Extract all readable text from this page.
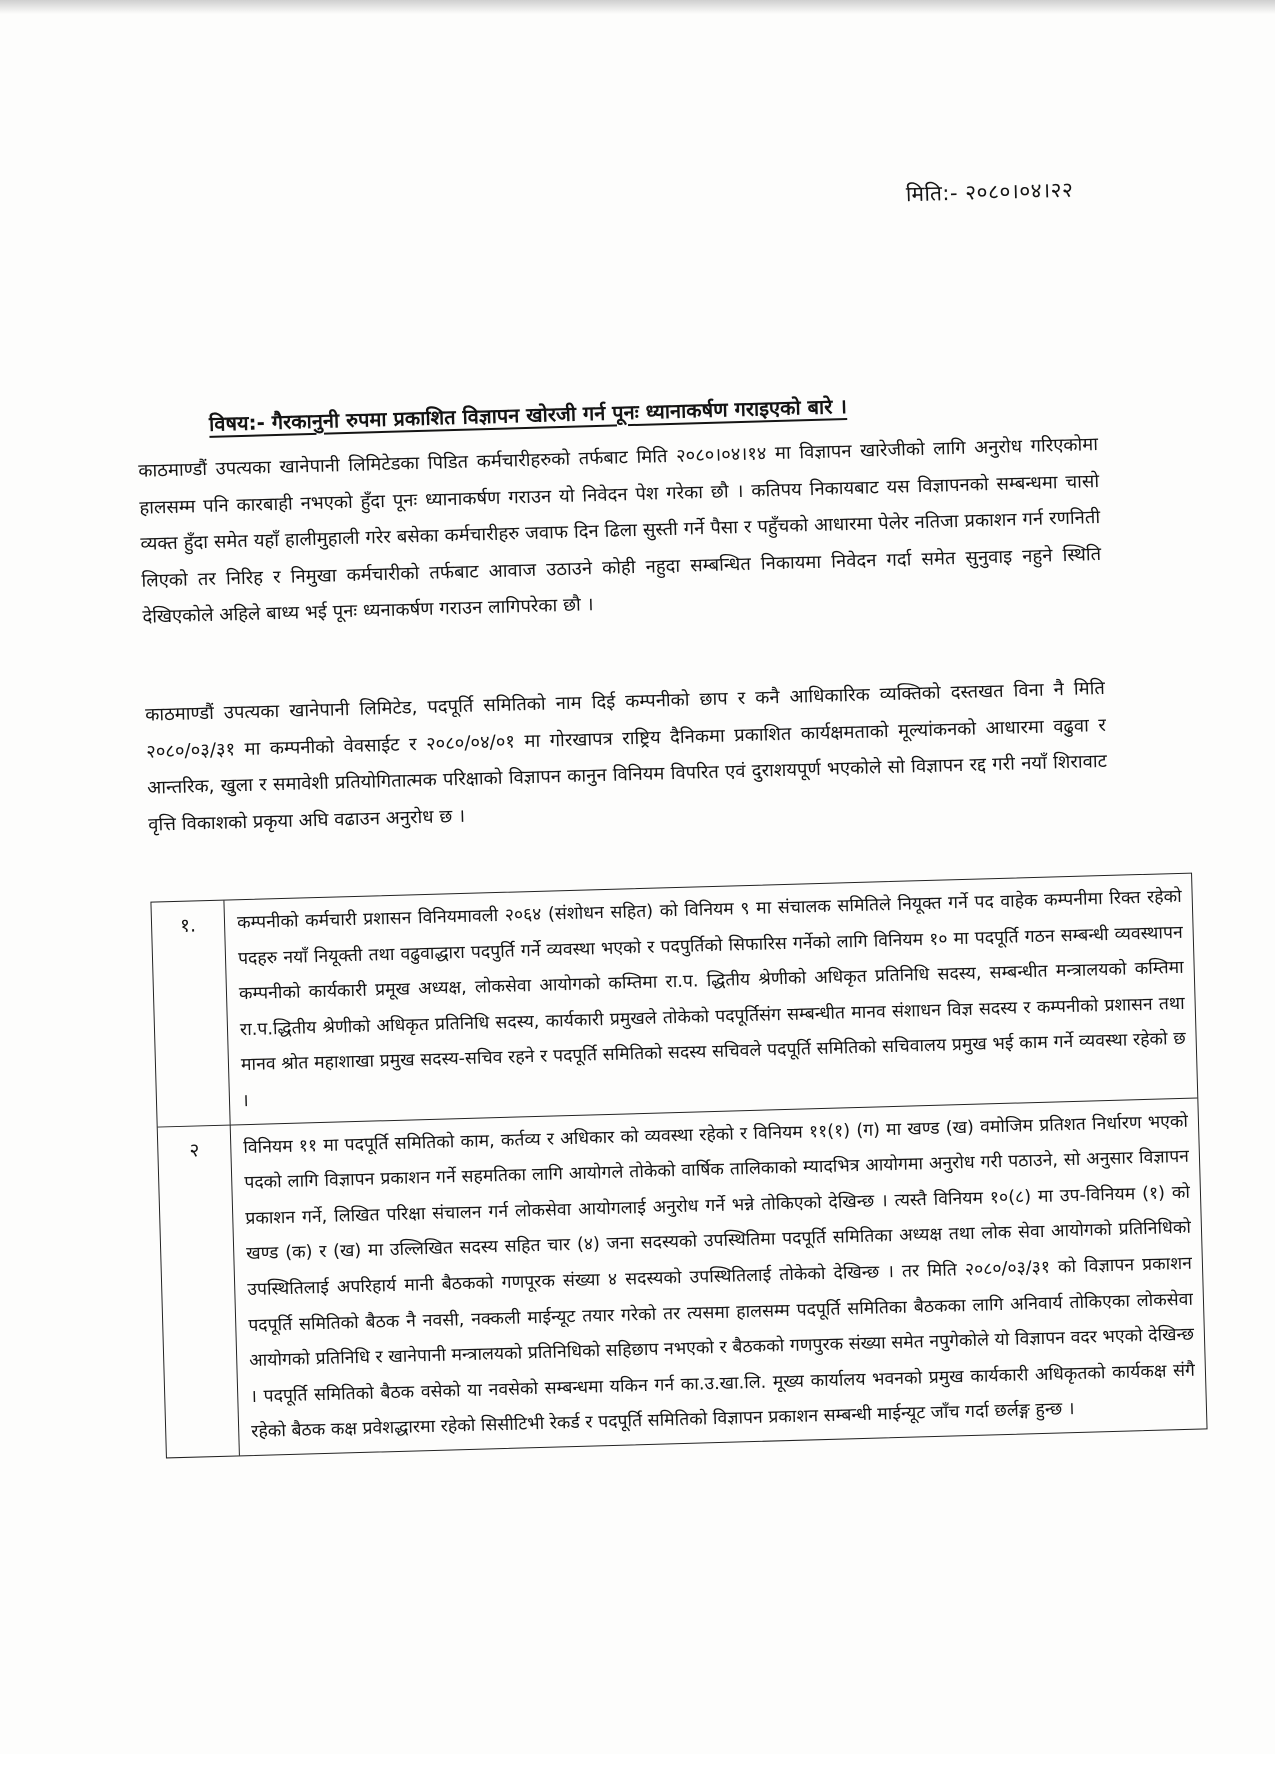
मिति:- २०८०।०४।२२
विषय:- गैरकानुनी रुपमा प्रकाशित विज्ञापन खोरजी गर्न पूनः ध्यानाकर्षण गराइएको बारे ।
काठमाण्डौं उपत्यका खानेपानी लिमिटेडका पिडित कर्मचारीहरुको तर्फबाट मिति २०८०।०४।१४ मा विज्ञापन खारेजीको लागि अनुरोध गरिएकोमा हालसम्म पनि कारबाही नभएको हुँदा पूनः ध्यानाकर्षण गराउन यो निवेदन पेश गरेका छौ । कतिपय निकायबाट यस विज्ञापनको सम्बन्धमा चासो व्यक्त हुँदा समेत यहाँ हालीमुहाली गरेर बसेका कर्मचारीहरु जवाफ दिन ढिला सुस्ती गर्ने पैसा र पहुँचको आधारमा पेलेर नतिजा प्रकाशन गर्न रणनिती लिएको तर निरिह र निमुखा कर्मचारीको तर्फबाट आवाज उठाउने कोही नहुदा सम्बन्धित निकायमा निवेदन गर्दा समेत सुनुवाइ नहुने स्थिति देखिएकोले अहिले बाध्य भई पूनः ध्यनाकर्षण गराउन लागिपरेका छौ ।
काठमाण्डौं उपत्यका खानेपानी लिमिटेड, पदपूर्ति समितिको नाम दिई कम्पनीको छाप र कनै आधिकारिक व्यक्तिको दस्तखत विना नै मिति २०८०/०३/३१ मा कम्पनीको वेवसाईट र २०८०/०४/०१ मा गोरखापत्र राष्ट्रिय दैनिकमा प्रकाशित कार्यक्षमताको मूल्यांकनको आधारमा वढुवा र आन्तरिक, खुला र समावेशी प्रतियोगितात्मक परिक्षाको विज्ञापन कानुन विनियम विपरित एवं दुराशयपूर्ण भएकोले सो विज्ञापन रद्द गरी नयाँ शिरावाट वृत्ति विकाशको प्रकृया अघि वढाउन अनुरोध छ ।
१.	कम्पनीको कर्मचारी प्रशासन विनियमावली २०६४ (संशोधन सहित) को विनियम ९ मा संचालक समितिले नियूक्त गर्ने पद वाहेक कम्पनीमा रिक्त रहेको पदहरु नयाँ नियूक्ती तथा वढुवाद्धारा पदपुर्ति गर्ने व्यवस्था भएको र पदपुर्तिको सिफारिस गर्नेको लागि विनियम १० मा पदपूर्ति गठन सम्बन्धी व्यवस्थापन कम्पनीको कार्यकारी प्रमूख अध्यक्ष, लोकसेवा आयोगको कम्तिमा रा.प. द्धितीय श्रेणीको अधिकृत प्रतिनिधि सदस्य, सम्बन्धीत मन्त्रालयको कम्तिमा रा.प.द्धितीय श्रेणीको अधिकृत प्रतिनिधि सदस्य, कार्यकारी प्रमुखले तोकेको पदपूर्तिसंग सम्बन्धीत मानव संशाधन विज्ञ सदस्य र कम्पनीको प्रशासन तथा मानव श्रोत महाशाखा प्रमुख सदस्य-सचिव रहने र पदपूर्ति समितिको सदस्य सचिवले पदपूर्ति समितिको सचिवालय प्रमुख भई काम गर्ने व्यवस्था रहेको छ ।
२	विनियम ११ मा पदपूर्ति समितिको काम, कर्तव्य र अधिकार को व्यवस्था रहेको र विनियम ११(१) (ग) मा खण्ड (ख) वमोजिम प्रतिशत निर्धारण भएको पदको लागि विज्ञापन प्रकाशन गर्ने सहमतिका लागि आयोगले तोकेको वार्षिक तालिकाको म्यादभित्र आयोगमा अनुरोध गरी पठाउने, सो अनुसार विज्ञापन प्रकाशन गर्ने, लिखित परिक्षा संचालन गर्न लोकसेवा आयोगलाई अनुरोध गर्ने भन्ने तोकिएको देखिन्छ । त्यस्तै विनियम १०(८) मा उप-विनियम (१) को खण्ड (क) र (ख) मा उल्लिखित सदस्य सहित चार (४) जना सदस्यको उपस्थितिमा पदपूर्ति समितिका अध्यक्ष तथा लोक सेवा आयोगको प्रतिनिधिको उपस्थितिलाई अपरिहार्य मानी बैठकको गणपूरक संख्या ४ सदस्यको उपस्थितिलाई तोकेको देखिन्छ । तर मिति २०८०/०३/३१ को विज्ञापन प्रकाशन पदपूर्ति समितिको बैठक नै नवसी, नक्कली माईन्यूट तयार गरेको तर त्यसमा हालसम्म पदपूर्ति समितिका बैठकका लागि अनिवार्य तोकिएका लोकसेवा आयोगको प्रतिनिधि र खानेपानी मन्त्रालयको प्रतिनिधिको सहिछाप नभएको र बैठकको गणपुरक संख्या समेत नपुगेकोले यो विज्ञापन वदर भएको देखिन्छ । पदपूर्ति समितिको बैठक वसेको या नवसेको सम्बन्धमा यकिन गर्न का.उ.खा.लि. मूख्य कार्यालय भवनको प्रमुख कार्यकारी अधिकृतको कार्यकक्ष संगै रहेको बैठक कक्ष प्रवेशद्धारमा रहेको सिसीटिभी रेकर्ड र पदपूर्ति समितिको विज्ञापन प्रकाशन सम्बन्धी माईन्यूट जाँच गर्दा छर्लङ्ग हुन्छ ।
